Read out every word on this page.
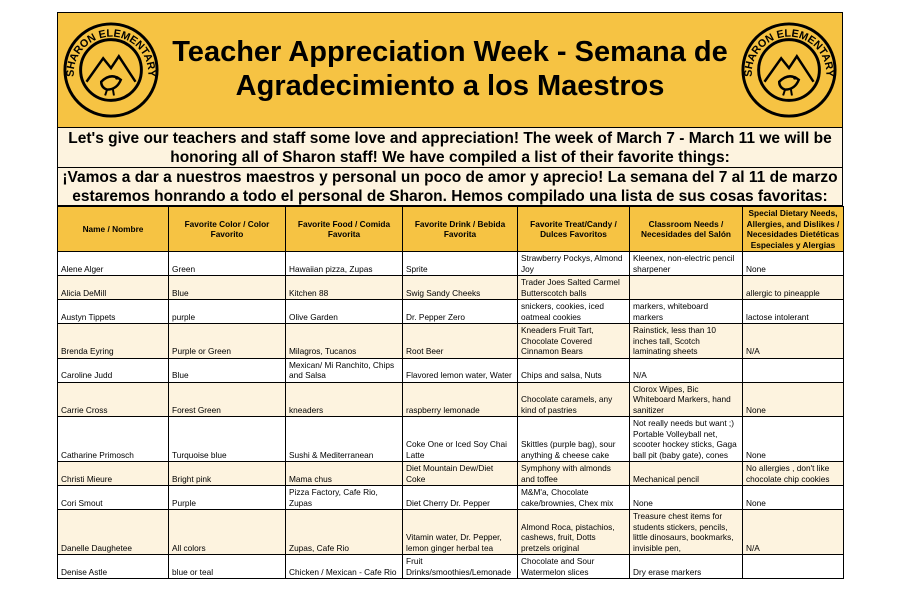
SHARON ELEMENTARY
Teacher Appreciation Week - Semana de Agradecimiento a los Maestros	SHARON ELEMENTARY
Let's give our teachers and staff some love and appreciation! The week of March 7 - March 11 we will be honoring all of Sharon staff! We have compiled a list of their favorite things:
¡Vamos a dar a nuestros maestros y personal un poco de amor y aprecio! La semana del 7 al 11 de marzo estaremos honrando a todo el personal de Sharon. Hemos compilado una lista de sus cosas favoritas:
Name / Nombre	Favorite Color / Color Favorito	Favorite Food / Comida Favorita	Favorite Drink / Bebida Favorita	Favorite Treat/Candy / Dulces Favoritos	Classroom Needs / Necesidades del Salón	Special Dietary Needs, Allergies, and Dislikes / Necesidades Dietéticas Especiales y Alergias
Alene Alger	Green	Hawaiian pizza, Zupas	Sprite	Strawberry Pockys, Almond Joy	Kleenex, non-electric pencil sharpener	None
Alicia DeMill	Blue	Kitchen 88	Swig Sandy Cheeks	Trader Joes Salted Carmel Butterscotch balls		allergic to pineapple
Austyn Tippets	purple	Olive Garden	Dr. Pepper Zero	snickers, cookies, iced oatmeal cookies	markers, whiteboard markers	lactose intolerant
Brenda Eyring	Purple or Green	Milagros, Tucanos	Root Beer	Kneaders Fruit Tart, Chocolate Covered Cinnamon Bears	Rainstick, less than 10 inches tall, Scotch laminating sheets	N/A
Caroline Judd	Blue	Mexican/ Mi Ranchito, Chips and Salsa	Flavored lemon water, Water	Chips and salsa, Nuts	N/A	
Carrie Cross	Forest Green	kneaders	raspberry lemonade	Chocolate caramels, any kind of pastries	Clorox Wipes, Bic Whiteboard Markers, hand sanitizer	None
Catharine Primosch	Turquoise blue	Sushi & Mediterranean	Coke One or Iced Soy Chai Latte	Skittles (purple bag), sour anything & cheese cake	Not really needs but want ;) Portable Volleyball net, scooter hockey sticks, Gaga ball pit (baby gate), cones	None
Christi Mieure	Bright pink	Mama chus	Diet Mountain Dew/Diet Coke	Symphony with almonds and toffee	Mechanical pencil	No allergies , don't like chocolate chip cookies
Cori Smout	Purple	Pizza Factory, Cafe Rio, Zupas	Diet Cherry Dr. Pepper	M&M'a, Chocolate cake/brownies, Chex mix	None	None
Danelle Daughetee	All colors	Zupas, Cafe Rio	Vitamin water, Dr. Pepper, lemon ginger herbal tea	Almond Roca, pistachios, cashews, fruit, Dotts pretzels original	Treasure chest items for students stickers, pencils, little dinosaurs, bookmarks, invisible pen,	N/A
Denise Astle	blue or teal	Chicken / Mexican - Cafe Rio	Fruit Drinks/smoothies/Lemonade	Chocolate and Sour Watermelon slices	Dry erase markers	
